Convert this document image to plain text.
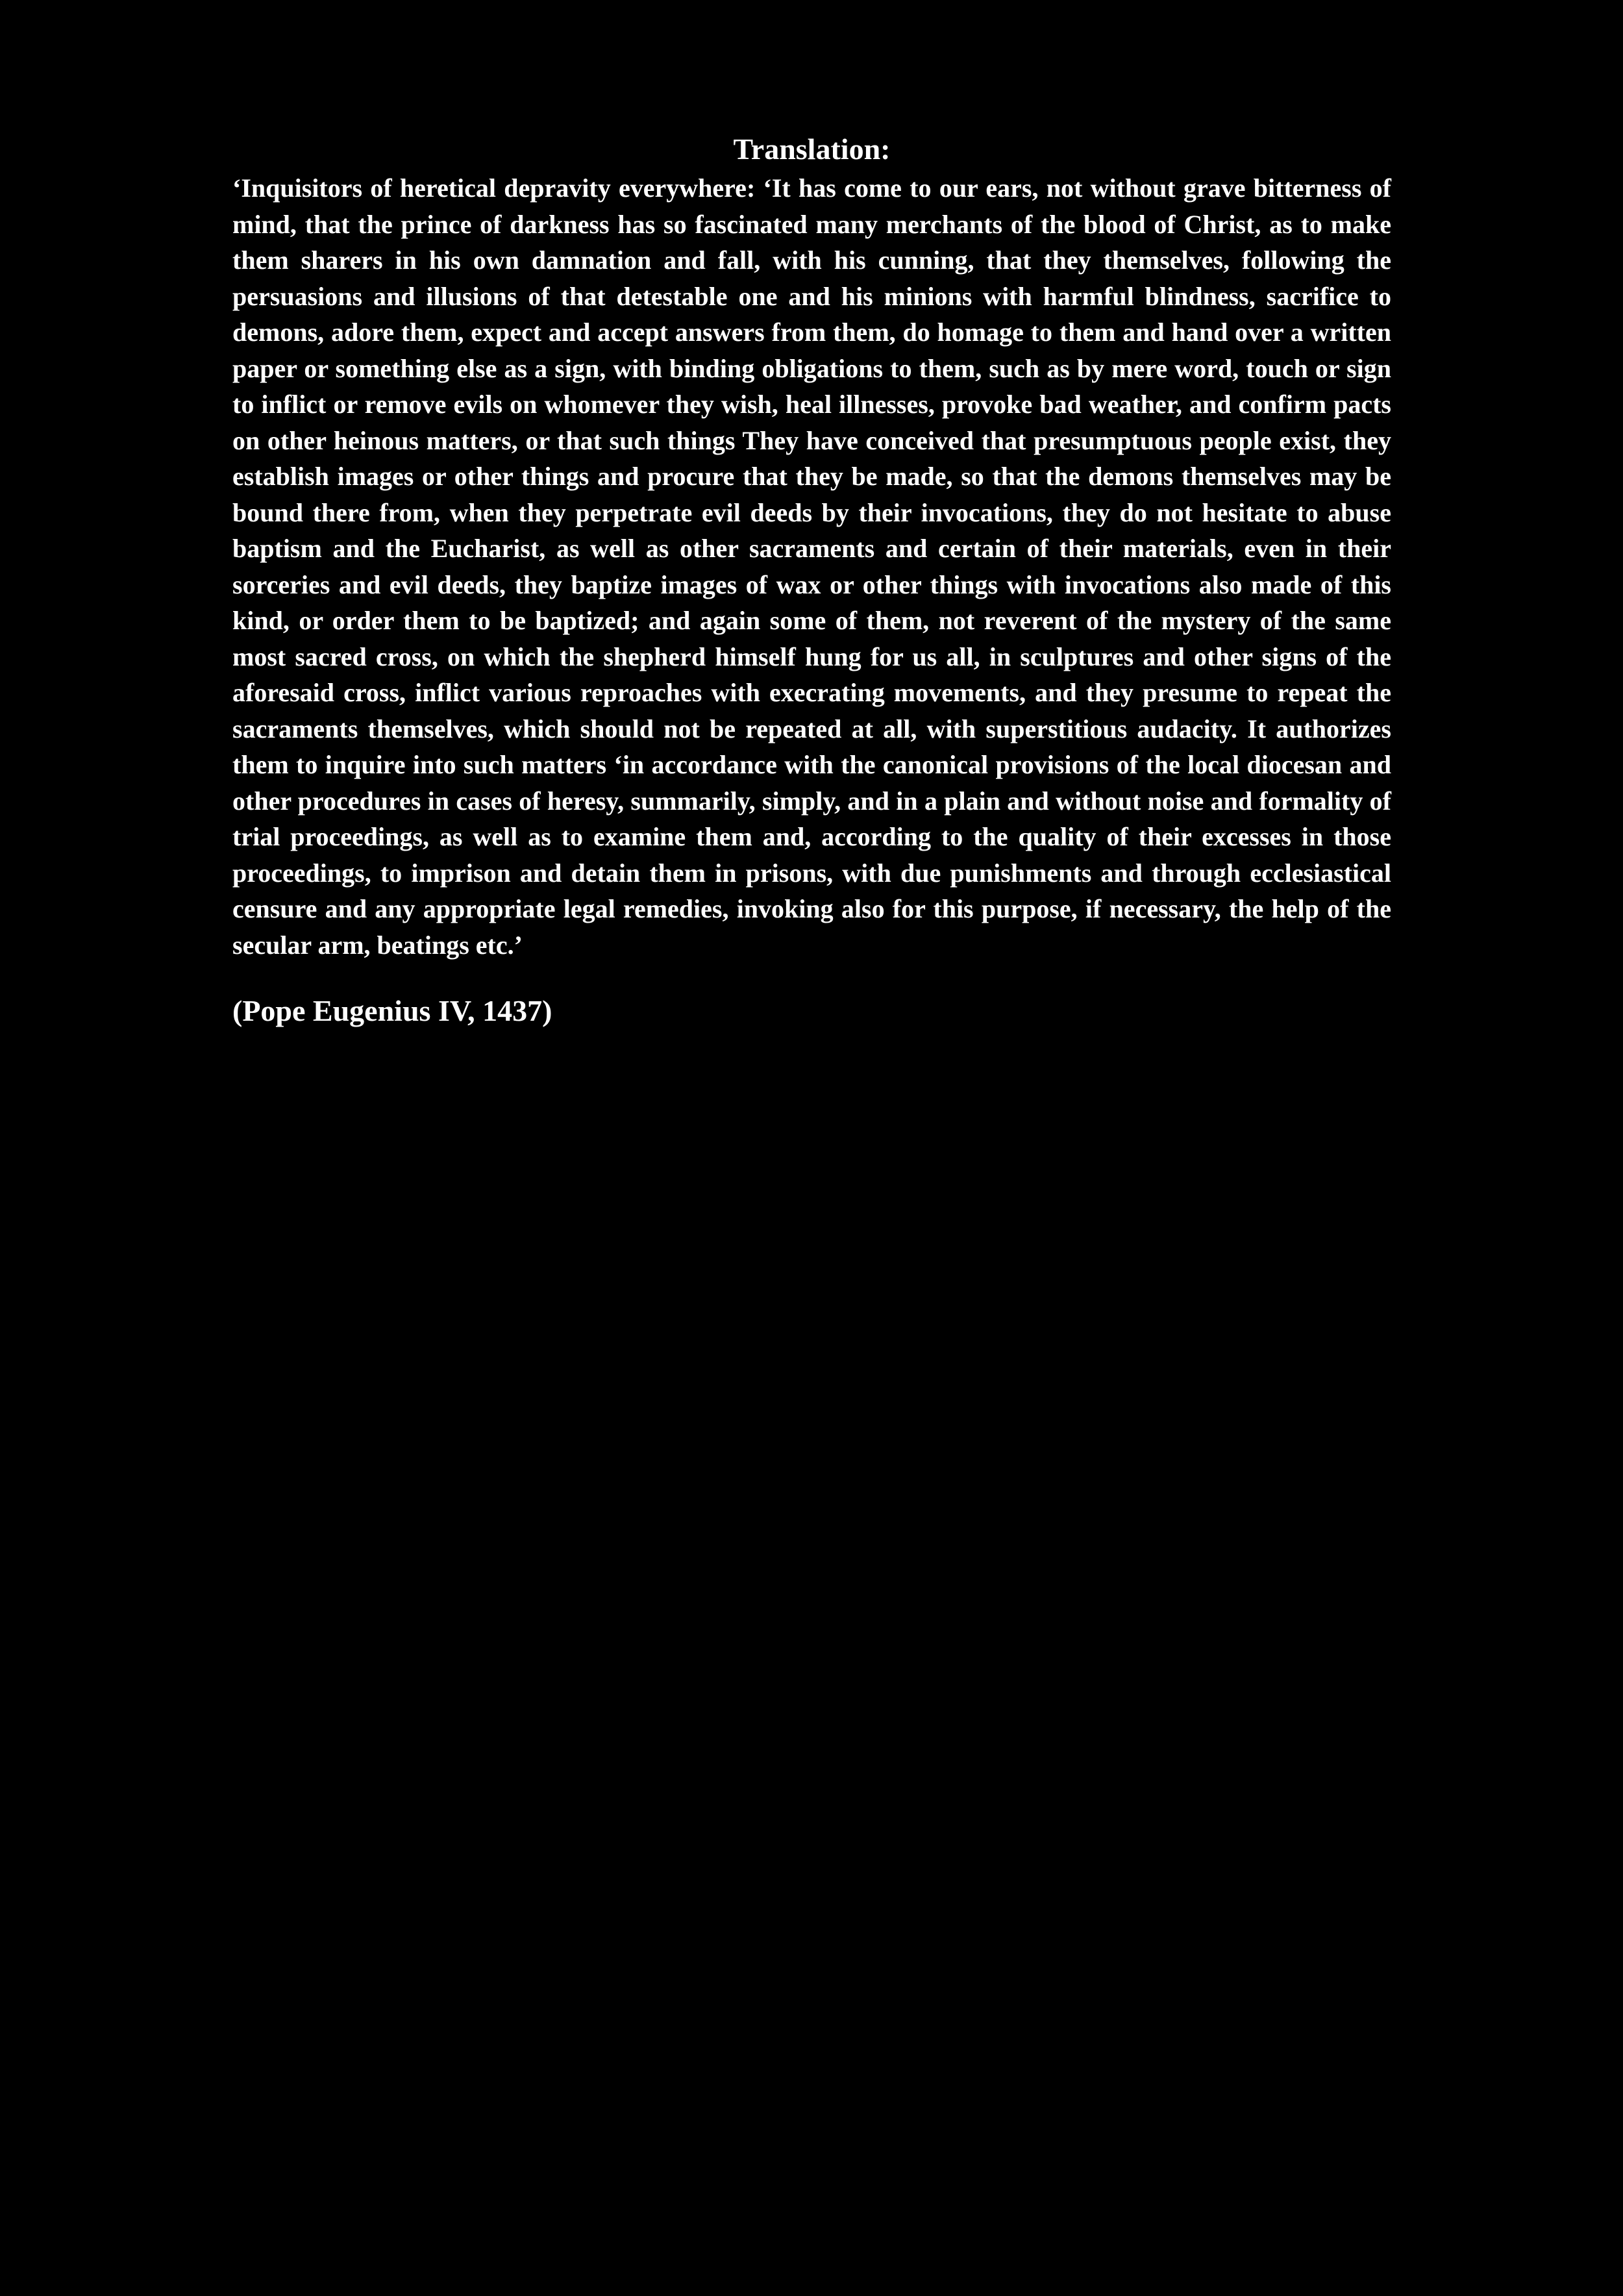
Translation:

‘Inquisitors of heretical depravity everywhere: ‘It has come to our ears, not without grave bitterness of mind, that the prince of darkness has so fascinated many merchants of the blood of Christ, as to make them sharers in his own damnation and fall, with his cunning, that they themselves, following the persuasions and illusions of that detestable one and his minions with harmful blindness, sacrifice to demons, adore them, expect and accept answers from them, do homage to them and hand over a written paper or something else as a sign, with binding obligations to them, such as by mere word, touch or sign to inflict or remove evils on whomever they wish, heal illnesses, provoke bad weather, and confirm pacts on other heinous matters, or that such things They have conceived that presumptuous people exist, they establish images or other things and procure that they be made, so that the demons themselves may be bound there from, when they perpetrate evil deeds by their invocations, they do not hesitate to abuse baptism and the Eucharist, as well as other sacraments and certain of their materials, even in their sorceries and evil deeds, they baptize images of wax or other things with invocations also made of this kind, or order them to be baptized; and again some of them, not reverent of the mystery of the same most sacred cross, on which the shepherd himself hung for us all, in sculptures and other signs of the aforesaid cross, inflict various reproaches with execrating movements, and they presume to repeat the sacraments themselves, which should not be repeated at all, with superstitious audacity. It authorizes them to inquire into such matters ‘in accordance with the canonical provisions of the local diocesan and other procedures in cases of heresy, summarily, simply, and in a plain and without noise and formality of trial proceedings, as well as to examine them and, according to the quality of their excesses in those proceedings, to imprison and detain them in prisons, with due punishments and through ecclesiastical censure and any appropriate legal remedies, invoking also for this purpose, if necessary, the help of the secular arm, beatings etc.’

(Pope Eugenius IV, 1437)
